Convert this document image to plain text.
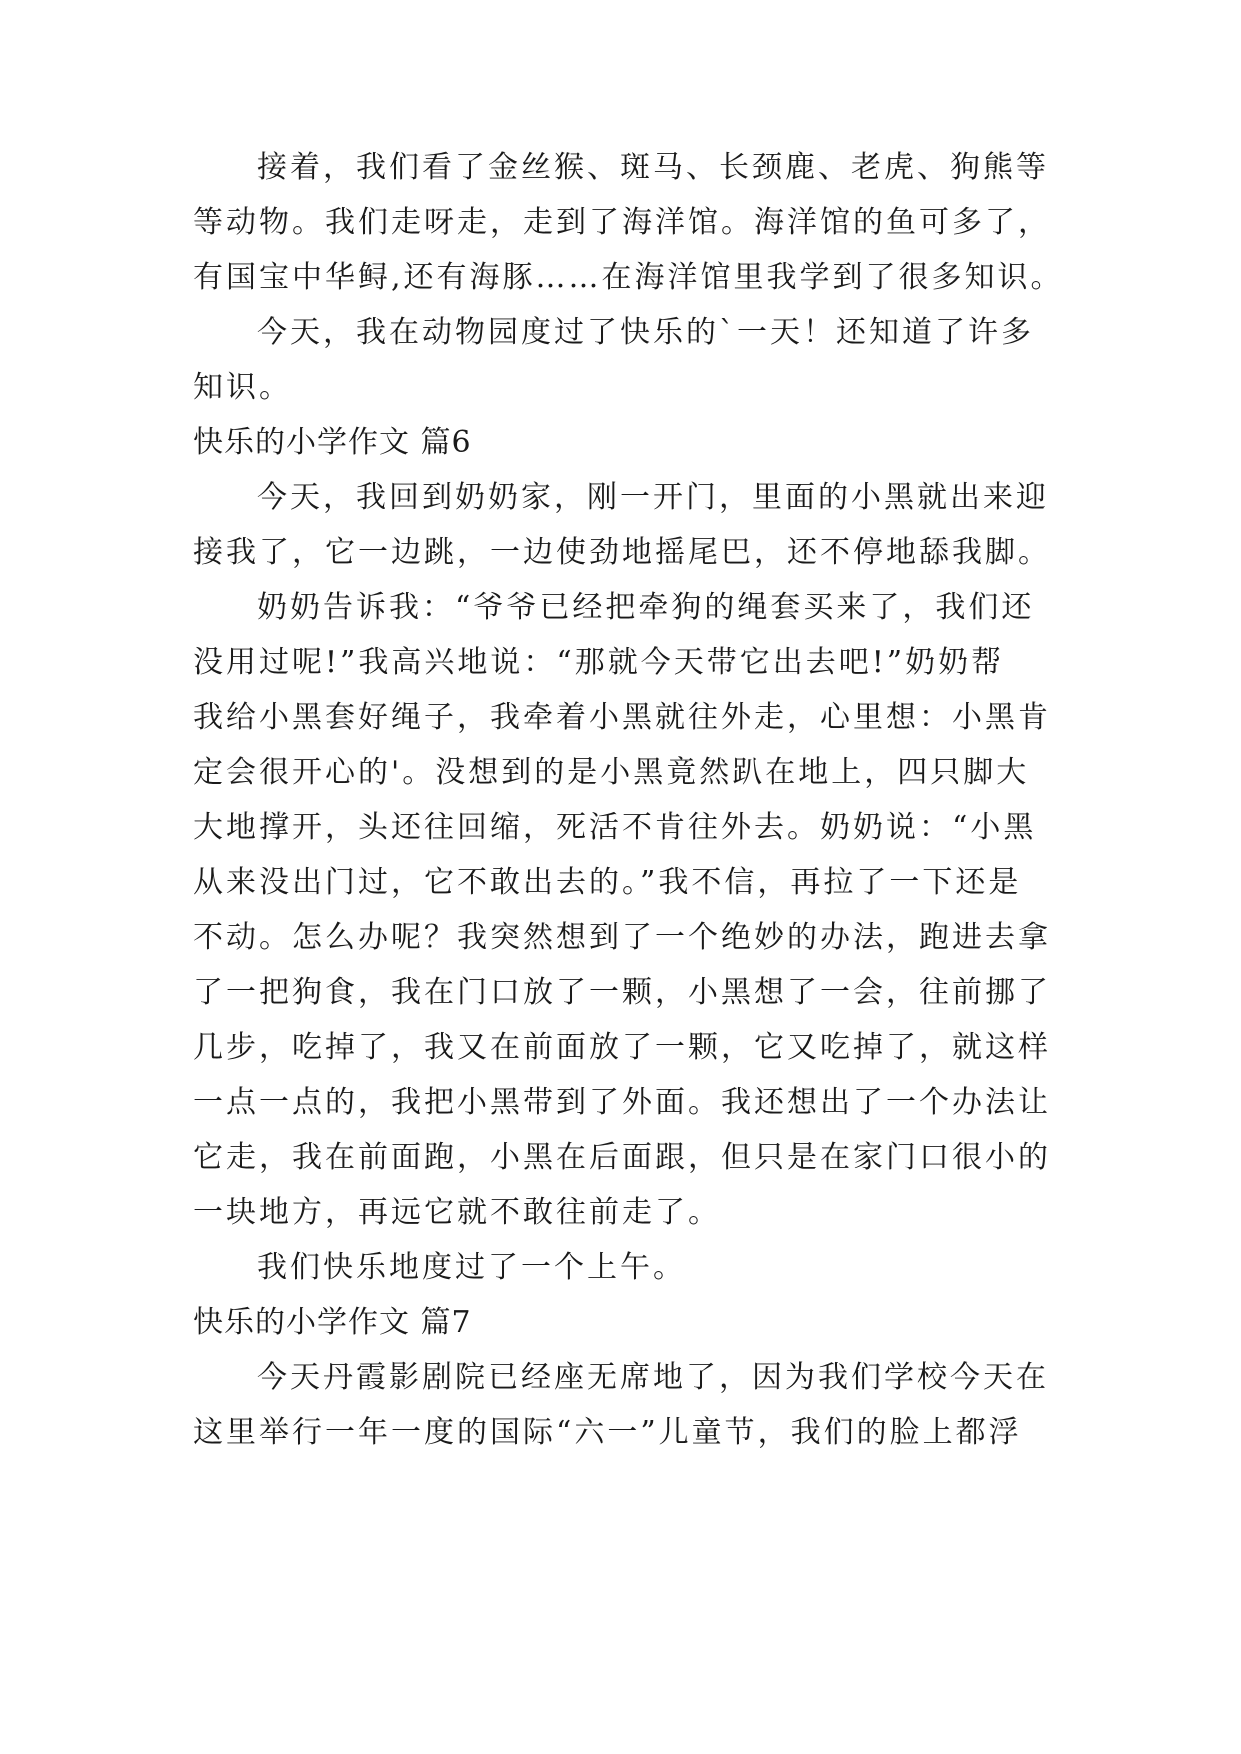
接着，我们看了金丝猴、斑马、长颈鹿、老虎、狗熊等
等动物。我们走呀走，走到了海洋馆。海洋馆的鱼可多了，
有国宝中华鲟,还有海豚……在海洋馆里我学到了很多知识。
今天，我在动物园度过了快乐的`一天！还知道了许多
知识。
快乐的小学作文 篇6
今天，我回到奶奶家，刚一开门，里面的小黑就出来迎
接我了，它一边跳，一边使劲地摇尾巴，还不停地舔我脚。
奶奶告诉我：“爷爷已经把牵狗的绳套买来了，我们还
没用过呢!”我高兴地说：“那就今天带它出去吧!”奶奶帮
我给小黑套好绳子，我牵着小黑就往外走，心里想：小黑肯
定会很开心的'。没想到的是小黑竟然趴在地上，四只脚大
大地撑开，头还往回缩，死活不肯往外去。奶奶说：“小黑
从来没出门过，它不敢出去的。”我不信，再拉了一下还是
不动。怎么办呢？我突然想到了一个绝妙的办法，跑进去拿
了一把狗食，我在门口放了一颗，小黑想了一会，往前挪了
几步，吃掉了，我又在前面放了一颗，它又吃掉了，就这样
一点一点的，我把小黑带到了外面。我还想出了一个办法让
它走，我在前面跑，小黑在后面跟，但只是在家门口很小的
一块地方，再远它就不敢往前走了。
我们快乐地度过了一个上午。
快乐的小学作文 篇7
今天丹霞影剧院已经座无席地了，因为我们学校今天在
这里举行一年一度的国际“六一”儿童节，我们的脸上都浮
